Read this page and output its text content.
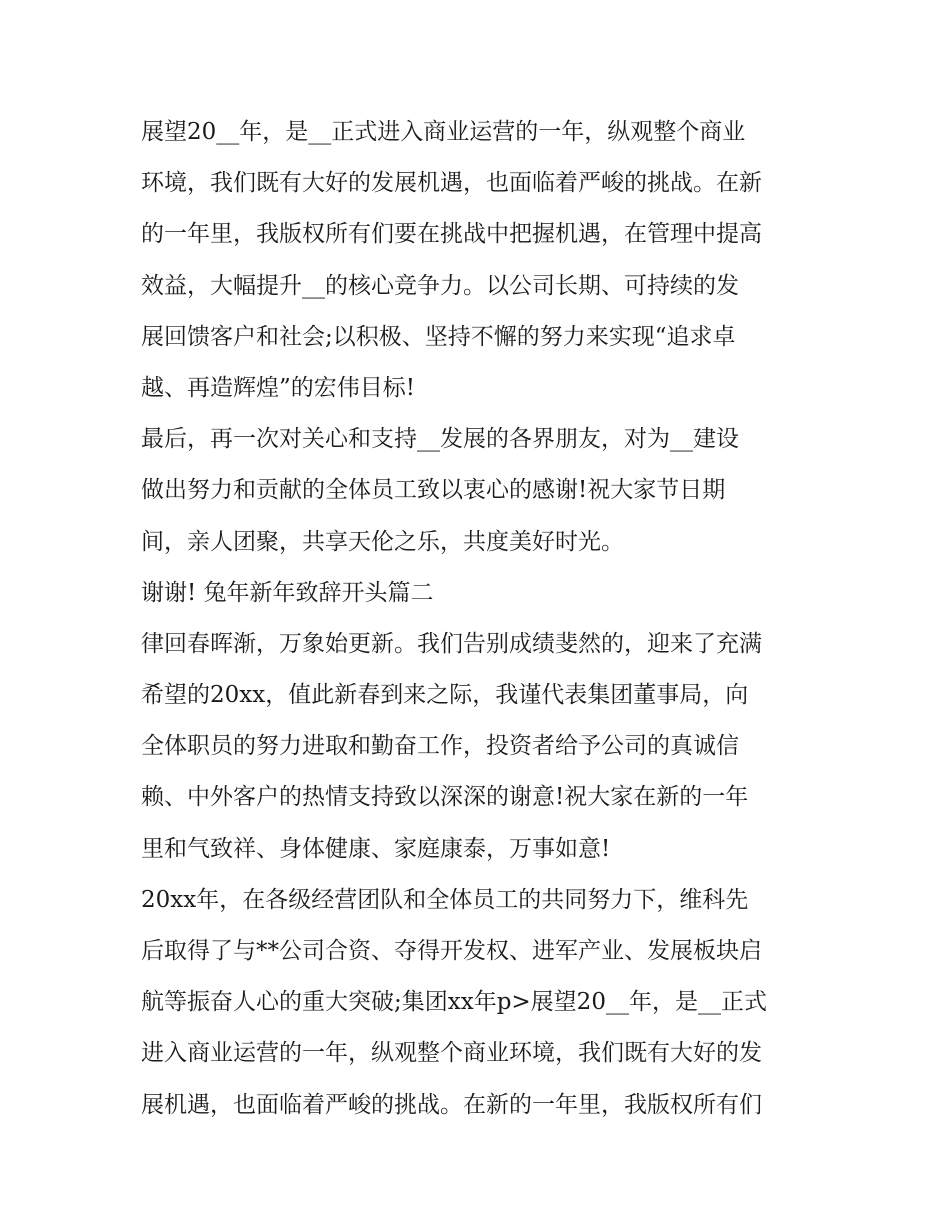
展望20__年，是__正式进入商业运营的一年，纵观整个商业
环境，我们既有大好的发展机遇，也面临着严峻的挑战。在新
的一年里，我版权所有们要在挑战中把握机遇，在管理中提高
效益，大幅提升__的核心竞争力。以公司长期、可持续的发
展回馈客户和社会;以积极、坚持不懈的努力来实现“追求卓
越、再造辉煌”的宏伟目标!
最后，再一次对关心和支持__发展的各界朋友，对为__建设
做出努力和贡献的全体员工致以衷心的感谢!祝大家节日期
间，亲人团聚，共享天伦之乐，共度美好时光。
谢谢! 兔年新年致辞开头篇二
律回春晖渐，万象始更新。我们告别成绩斐然的，迎来了充满
希望的20xx，值此新春到来之际，我谨代表集团董事局，向
全体职员的努力进取和勤奋工作，投资者给予公司的真诚信
赖、中外客户的热情支持致以深深的谢意!祝大家在新的一年
里和气致祥、身体健康、家庭康泰，万事如意!
20xx年，在各级经营团队和全体员工的共同努力下，维科先
后取得了与**公司合资、夺得开发权、进军产业、发展板块启
航等振奋人心的重大突破;集团xx年p>展望20__年，是__正式
进入商业运营的一年，纵观整个商业环境，我们既有大好的发
展机遇，也面临着严峻的挑战。在新的一年里，我版权所有们
